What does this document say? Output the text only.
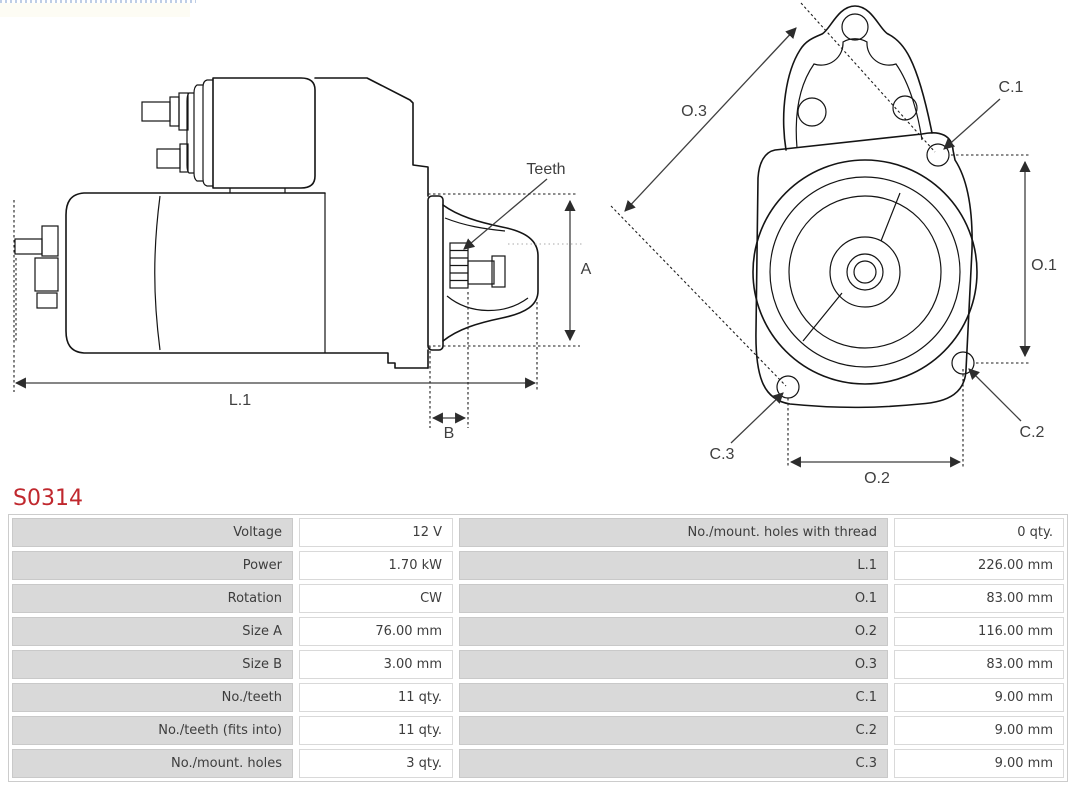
Teeth
A
L.1
B
O.3
O.1
O.2
C.1
C.2
C.3
S0314
Voltage	12 V	No./mount. holes with thread	0 qty.
Power	1.70 kW	L.1	226.00 mm
Rotation	CW	O.1	83.00 mm
Size A	76.00 mm	O.2	116.00 mm
Size B	3.00 mm	O.3	83.00 mm
No./teeth	11 qty.	C.1	9.00 mm
No./teeth (fits into)	11 qty.	C.2	9.00 mm
No./mount. holes	3 qty.	C.3	9.00 mm
